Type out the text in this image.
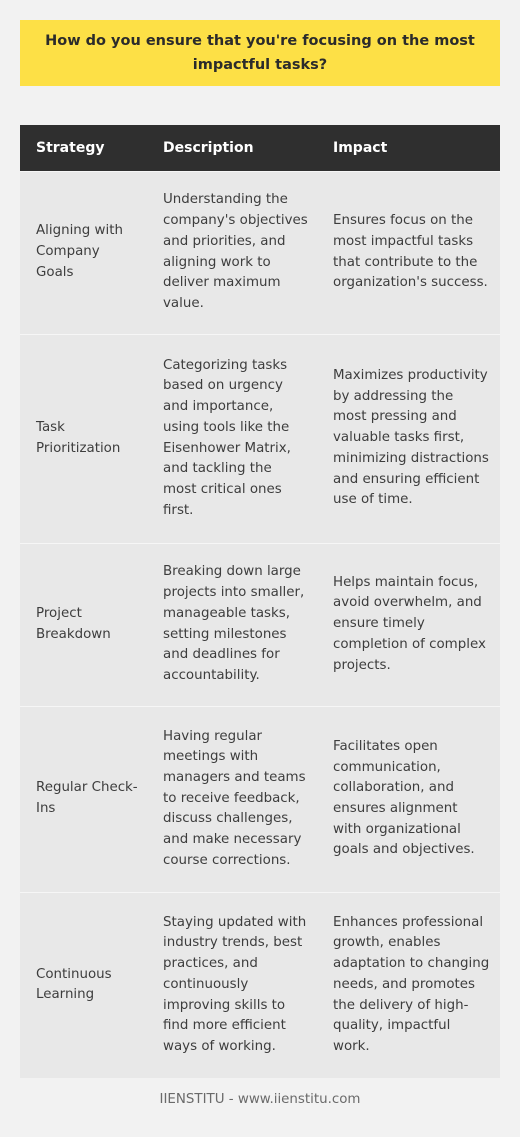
How do you ensure that you're focusing on the most impactful tasks?
Strategy	Description	Impact
Aligning with Company Goals	Understanding the company's objectives and priorities, and aligning work to deliver maximum value.	Ensures focus on the most impactful tasks that contribute to the organization's success.
Task Prioritization	Categorizing tasks based on urgency and importance, using tools like the Eisenhower Matrix, and tackling the most critical ones first.	Maximizes productivity by addressing the most pressing and valuable tasks first, minimizing distractions and ensuring efficient use of time.
Project Breakdown	Breaking down large projects into smaller, manageable tasks, setting milestones and deadlines for accountability.	Helps maintain focus, avoid overwhelm, and ensure timely completion of complex projects.
Regular Check-Ins	Having regular meetings with managers and teams to receive feedback, discuss challenges, and make necessary course corrections.	Facilitates open communication, collaboration, and ensures alignment with organizational goals and objectives.
Continuous Learning	Staying updated with industry trends, best practices, and continuously improving skills to find more efficient ways of working.	Enhances professional growth, enables adaptation to changing needs, and promotes the delivery of high-quality, impactful work.
IIENSTITU - www.iienstitu.com
